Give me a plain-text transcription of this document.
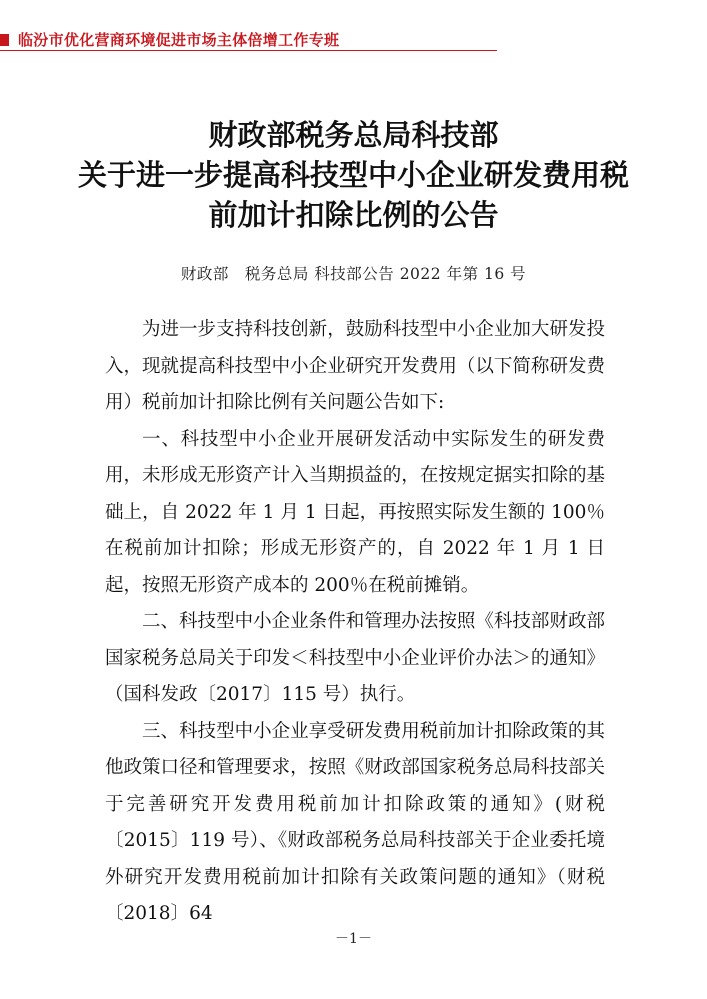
临汾市优化营商环境促进市场主体倍增工作专班
财政部税务总局科技部
关于进一步提高科技型中小企业研发费用税
前加计扣除比例的公告
财政部　税务总局 科技部公告 2022 年第 16 号

为进一步支持科技创新，鼓励科技型中小企业加大研发投入，现就提高科技型中小企业研究开发费用（以下简称研发费用）税前加计扣除比例有关问题公告如下:

一、科技型中小企业开展研发活动中实际发生的研发费用，未形成无形资产计入当期损益的，在按规定据实扣除的基础上，自 2022 年 1 月 1 日起，再按照实际发生额的 100％在税前加计扣除；形成无形资产的，自 2022 年 1 月 1 日起，按照无形资产成本的 200％在税前摊销。

二、科技型中小企业条件和管理办法按照《科技部财政部国家税务总局关于印发＜科技型中小企业评价办法＞的通知》（国科发政〔2017〕115 号）执行。

三、科技型中小企业享受研发费用税前加计扣除政策的其他政策口径和管理要求，按照《财政部国家税务总局科技部关于完善研究开发费用税前加计扣除政策的通知》(财税〔2015〕119 号）、《财政部税务总局科技部关于企业委托境外研究开发费用税前加计扣除有关政策问题的通知》（财税〔2018〕64

－1－
